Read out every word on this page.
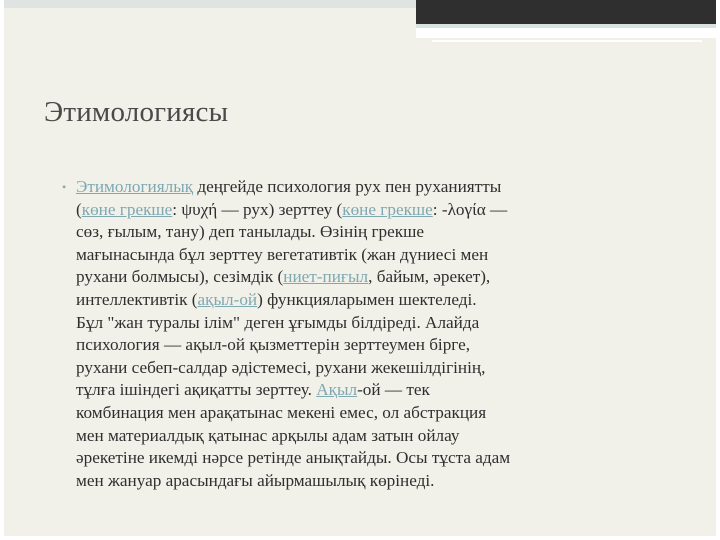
Этимологиясы
• Этимологиялық деңгейде психология рух пен руханиятты
(көне грекше: ψυχή — рух) зерттеу (көне грекше: -λογία —
сөз, ғылым, тану) деп танылады. Өзінің грекше
мағынасында бұл зерттеу вегетативтік (жан дүниесі мен
рухани болмысы), сезімдік (ниет-пиғыл, байым, әрекет),
интеллективтік (ақыл-ой) функцияларымен шектеледі.
Бұл "жан туралы ілім" деген ұғымды білдіреді. Алайда
психология — ақыл-ой қызметтерін зерттеумен бірге,
рухани себеп-салдар әдістемесі, рухани жекешілдігінің,
тұлға ішіндегі ақиқатты зерттеу. Ақыл-ой — тек
комбинация мен арақатынас мекені емес, ол абстракция
мен материалдық қатынас арқылы адам затын ойлау
әрекетіне икемді нәрсе ретінде анықтайды. Осы тұста адам
мен жануар арасындағы айырмашылық көрінеді.
